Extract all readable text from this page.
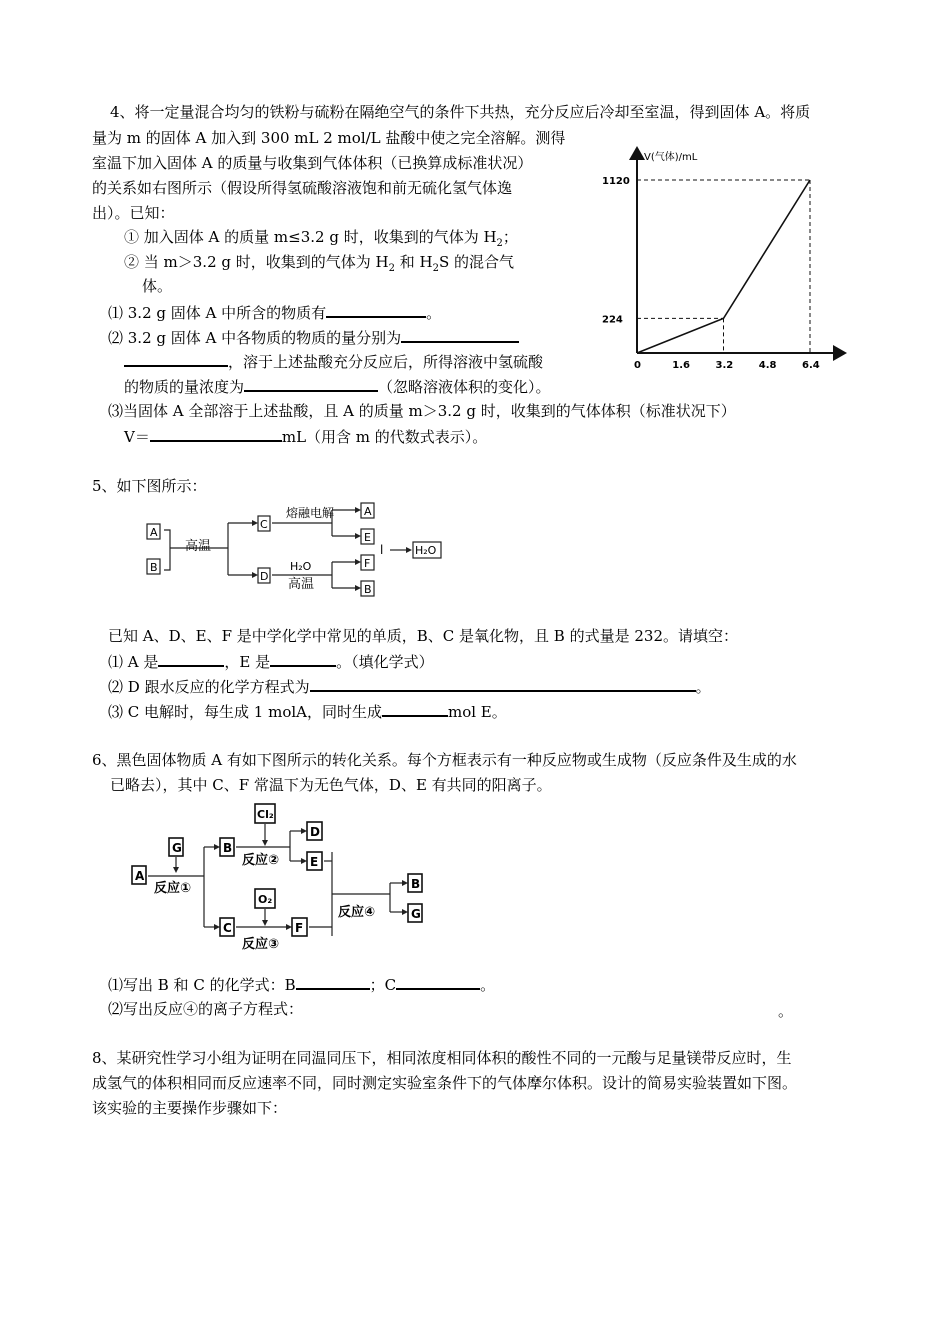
4、将一定量混合均匀的铁粉与硫粉在隔绝空气的条件下共热，充分反应后冷却至室温，得到固体 A。将质
量为 m 的固体 A 加入到 300 mL 2 mol/L 盐酸中使之完全溶解。测得
室温下加入固体 A 的质量与收集到气体体积（已换算成标准状况）
的关系如右图所示（假设所得氢硫酸溶液饱和前无硫化氢气体逸
出）。已知：
① 加入固体 A 的质量 m≤3.2 g 时，收集到的气体为 $H_2$；
② 当 m＞3.2 g 时，收集到的气体为 $H_2$ 和 $H_2S$ 的混合气
体。
⑴ 3.2 g 固体 A 中所含的物质有	。
⑵ 3.2 g 固体 A 中各物质的物质的量分别为
，溶于上述盐酸充分反应后，所得溶液中氢硫酸
的物质的量浓度为	（忽略溶液体积的变化）。
⑶当固体 A 全部溶于上述盐酸，且 A 的质量 m＞3.2 g 时，收集到的气体体积（标准状况下）
V＝	mL（用含 m 的代数式表示）。
V(气体)/mL
0	1.6	3.2	4.8	6.4
224
1120
5、如下图所示：
A
B
高温
C
D
熔融电解	A
E
H₂O
高温
F
B
l	H₂O
已知 A、D、E、F 是中学化学中常见的单质，B、C 是氧化物，且 B 的式量是 232。请填空：
⑴ A 是	，E 是	。（填化学式）
⑵ D 跟水反应的化学方程式为	。
⑶ C 电解时，每生成 1 molA，同时生成	mol E。
6、黑色固体物质 A 有如下图所示的转化关系。每个方框表示有一种反应物或生成物（反应条件及生成的水
已略去），其中 C、F 常温下为无色气体，D、E 有共同的阳离子。
A
G
反应①
B
C
Cl₂
反应②
D
E
O₂
反应③
F
反应④
B
G
⑴写出 B 和 C 的化学式：B	；C	。
⑵写出反应④的离子方程式：	。
8、某研究性学习小组为证明在同温同压下，相同浓度相同体积的酸性不同的一元酸与足量镁带反应时，生
成氢气的体积相同而反应速率不同，同时测定实验室条件下的气体摩尔体积。设计的简易实验装置如下图。
该实验的主要操作步骤如下：
